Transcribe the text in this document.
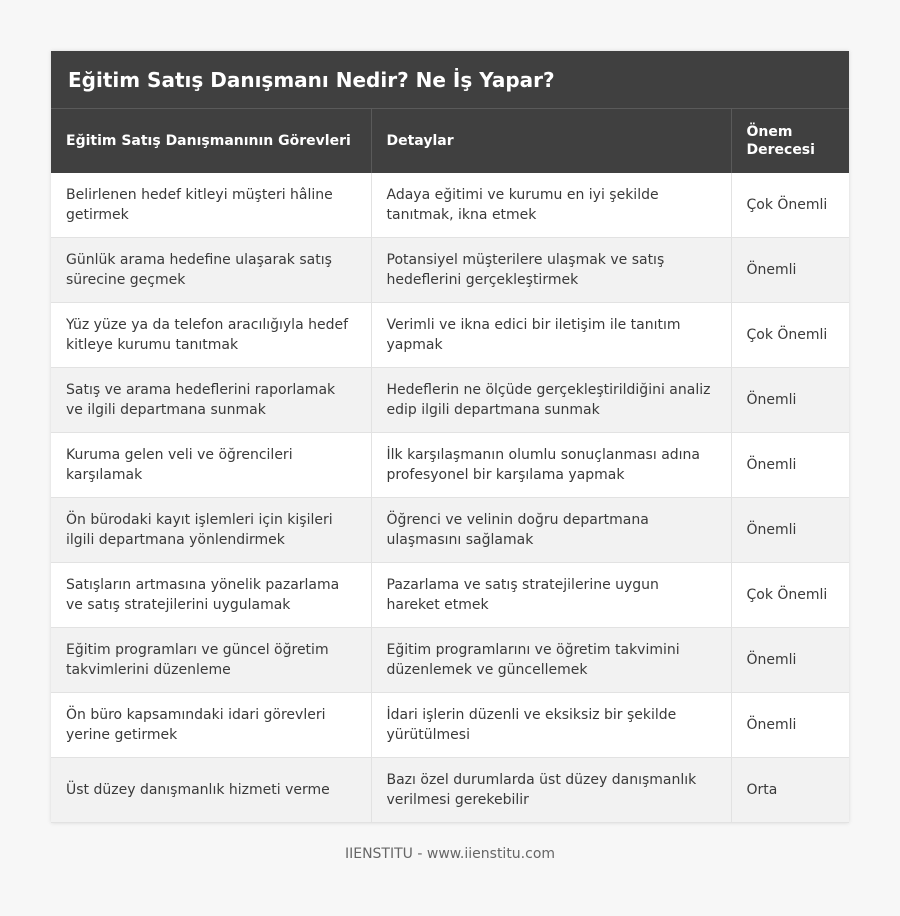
Eğitim Satış Danışmanı Nedir? Ne İş Yapar?
Eğitim Satış Danışmanının Görevleri	Detaylar	Önem Derecesi
Belirlenen hedef kitleyi müşteri hâline getirmek	Adaya eğitimi ve kurumu en iyi şekilde tanıtmak, ikna etmek	Çok Önemli
Günlük arama hedefine ulaşarak satış sürecine geçmek	Potansiyel müşterilere ulaşmak ve satış hedeflerini gerçekleştirmek	Önemli
Yüz yüze ya da telefon aracılığıyla hedef kitleye kurumu tanıtmak	Verimli ve ikna edici bir iletişim ile tanıtım yapmak	Çok Önemli
Satış ve arama hedeflerini raporlamak ve ilgili departmana sunmak	Hedeflerin ne ölçüde gerçekleştirildiğini analiz edip ilgili departmana sunmak	Önemli
Kuruma gelen veli ve öğrencileri karşılamak	İlk karşılaşmanın olumlu sonuçlanması adına profesyonel bir karşılama yapmak	Önemli
Ön bürodaki kayıt işlemleri için kişileri ilgili departmana yönlendirmek	Öğrenci ve velinin doğru departmana ulaşmasını sağlamak	Önemli
Satışların artmasına yönelik pazarlama ve satış stratejilerini uygulamak	Pazarlama ve satış stratejilerine uygun hareket etmek	Çok Önemli
Eğitim programları ve güncel öğretim takvimlerini düzenleme	Eğitim programlarını ve öğretim takvimini düzenlemek ve güncellemek	Önemli
Ön büro kapsamındaki idari görevleri yerine getirmek	İdari işlerin düzenli ve eksiksiz bir şekilde yürütülmesi	Önemli
Üst düzey danışmanlık hizmeti verme	Bazı özel durumlarda üst düzey danışmanlık verilmesi gerekebilir	Orta
IIENSTITU - www.iienstitu.com
